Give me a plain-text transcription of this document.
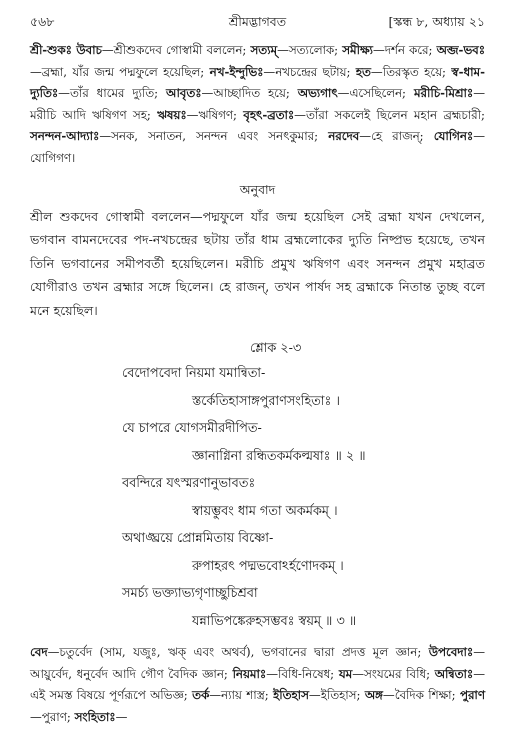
৫৬৮	শ্রীমদ্ভাগবত	[স্কন্ধ ৮, অধ্যায় ২১

শ্রী-শুকঃ উবাচ—শ্রীশুকদেব গোস্বামী বললেন; সত্যম্—সত্যলোক; সমীক্ষ্য—দর্শন করে; অব্জ-ভবঃ—ব্রহ্মা, যাঁর জন্ম পদ্মফুলে হয়েছিল; নখ-ইন্দুভিঃ—নখচন্দ্রের ছটায়; হত—তিরস্কৃত হয়ে; স্ব-ধাম-দ্যুতিঃ—তাঁর ধামের দ্যুতি; আবৃতঃ—আচ্ছাদিত হয়ে; অভ্যগাৎ—এসেছিলেন; মরীচি-মিশ্রাঃ—মরীচি আদি ঋষিগণ সহ; ঋষয়ঃ—ঋষিগণ; বৃহৎ-ব্রতাঃ—তাঁরা সকলেই ছিলেন মহান ব্রহ্মচারী; সনন্দন-আদ্যাঃ—সনক, সনাতন, সনন্দন এবং সনৎকুমার; নরদেব—হে রাজন্; যোগিনঃ—যোগিগণ।

অনুবাদ

শ্রীল শুকদেব গোস্বামী বললেন—পদ্মফুলে যাঁর জন্ম হয়েছিল সেই ব্রহ্মা যখন দেখলেন, ভগবান বামনদেবের পদ-নখচন্দ্রের ছটায় তাঁর ধাম ব্রহ্মলোকের দ্যুতি নিষ্প্রভ হয়েছে, তখন তিনি ভগবানের সমীপবর্তী হয়েছিলেন। মরীচি প্রমুখ ঋষিগণ এবং সনন্দন প্রমুখ মহাব্রত যোগীরাও তখন ব্রহ্মার সঙ্গে ছিলেন। হে রাজন্, তখন পার্ষদ সহ ব্রহ্মাকে নিতান্ত তুচ্ছ বলে মনে হয়েছিল।

শ্লোক ২-৩
বেদোপবেদা নিয়মা যমান্বিতা-
স্তর্কেতিহাসাঙ্গপুরাণসংহিতাঃ ।
যে চাপরে যোগসমীরদীপিত-
জ্ঞানাগ্নিনা রন্ধিতকর্মকল্মষাঃ ॥ ২ ॥
ববন্দিরে যৎস্মরণানুভাবতঃ
স্বায়ম্ভুবং ধাম গতা অকর্মকম্ ।
অথাঙ্ঘ্রয়ে প্রোন্নমিতায় বিষ্ণো-
রুপাহরৎ পদ্মভবোঽর্হণোদকম্ ।
সমর্চ্য ভক্ত্যাভ্যগৃণাচ্ছুচিশ্রবা
যন্নাভিপঙ্কেরুহসম্ভবঃ স্বয়ম্ ॥ ৩ ॥

বেদ—চতুর্বেদ (সাম, যজুঃ, ঋক্ এবং অথর্ব), ভগবানের দ্বারা প্রদত্ত মূল জ্ঞান; উপবেদাঃ—আয়ুর্বেদ, ধনুর্বেদ আদি গৌণ বৈদিক জ্ঞান; নিয়মাঃ—বিধি-নিষেধ; যম—সংযমের বিধি; অন্বিতাঃ—এই সমস্ত বিষয়ে পূর্ণরূপে অভিজ্ঞ; তর্ক—ন্যায় শাস্ত্র; ইতিহাস—ইতিহাস; অঙ্গ—বৈদিক শিক্ষা; পুরাণ—পুরাণ; সংহিতাঃ—
